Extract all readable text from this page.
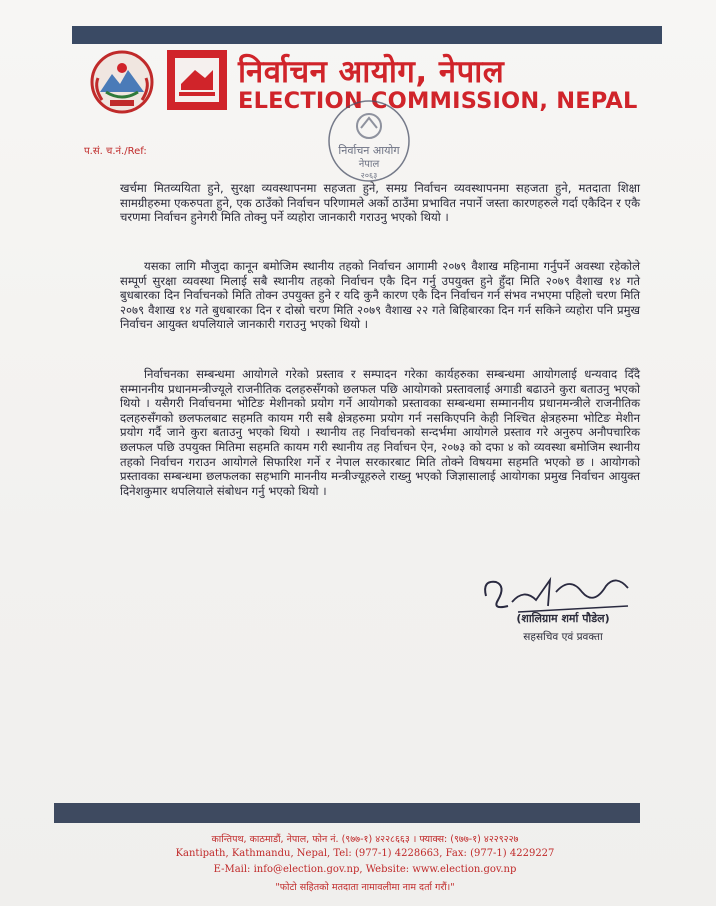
निर्वाचन आयोग, नेपाल
ELECTION COMMISSION, NEPAL
प.सं. च.नं./Ref:	निर्वाचन आयोग
नेपाल
२०६३
खर्चमा मितव्ययिता हुने, सुरक्षा व्यवस्थापनमा सहजता हुने, समग्र निर्वाचन व्यवस्थापनमा सहजता हुने, मतदाता शिक्षा सामग्रीहरुमा एकरुपता हुने, एक ठाउँको निर्वाचन परिणामले अर्को ठाउँमा प्रभावित नपार्ने जस्ता कारणहरुले गर्दा एकैदिन र एकै चरणमा निर्वाचन हुनेगरी मिति तोक्नु पर्ने व्यहोरा जानकारी गराउनु भएको थियो ।
यसका लागि मौजुदा कानून बमोजिम स्थानीय तहको निर्वाचन आगामी २०७९ वैशाख महिनामा गर्नुपर्ने अवस्था रहेकोले सम्पूर्ण सुरक्षा व्यवस्था मिलाई सबै स्थानीय तहको निर्वाचन एकै दिन गर्नु उपयुक्त हुने हुँदा मिति २०७९ वैशाख १४ गते बुधबारका दिन निर्वाचनको मिति तोक्न उपयुक्त हुने र यदि कुनै कारण एकै दिन निर्वाचन गर्न संभव नभएमा पहिलो चरण मिति २०७९ वैशाख १४ गते बुधबारका दिन र दोस्रो चरण मिति २०७९ वैशाख २२ गते बिहिबारका दिन गर्न सकिने व्यहोरा पनि प्रमुख निर्वाचन आयुक्त थपलियाले जानकारी गराउनु भएको थियो ।
निर्वाचनका सम्बन्धमा आयोगले गरेको प्रस्ताव र सम्पादन गरेका कार्यहरुका सम्बन्धमा आयोगलाई धन्यवाद दिँदै सम्माननीय प्रधानमन्त्रीज्यूले राजनीतिक दलहरुसँगको छलफल पछि आयोगको प्रस्तावलाई अगाडी बढाउने कुरा बताउनु भएको थियो । यसैगरी निर्वाचनमा भोटिङ मेशीनको प्रयोग गर्ने आयोगको प्रस्तावका सम्बन्धमा सम्माननीय प्रधानमन्त्रीले राजनीतिक दलहरुसँगको छलफलबाट सहमति कायम गरी सबै क्षेत्रहरुमा प्रयोग गर्न नसकिएपनि केही निश्चित क्षेत्रहरुमा भोटिङ मेशीन प्रयोग गर्दै जाने कुरा बताउनु भएको थियो । स्थानीय तह निर्वाचनको सन्दर्भमा आयोगले प्रस्ताव गरे अनुरुप अनौपचारिक छलफल पछि उपयुक्त मितिमा सहमति कायम गरी स्थानीय तह निर्वाचन ऐन, २०७३ को दफा ४ को व्यवस्था बमोजिम स्थानीय तहको निर्वाचन गराउन आयोगले सिफारिश गर्ने र नेपाल सरकारबाट मिति तोक्ने विषयमा सहमति भएको छ । आयोगको प्रस्तावका सम्बन्धमा छलफलका सहभागि माननीय मन्त्रीज्यूहरुले राख्नु भएको जिज्ञासालाई आयोगका प्रमुख निर्वाचन आयुक्त दिनेशकुमार थपलियाले संबोधन गर्नु भएको थियो ।
(शालिग्राम शर्मा पौडेल)
सहसचिव एवं प्रवक्ता
कान्तिपथ, काठमाडौं, नेपाल, फोन नं. (९७७-१) ४२२८६६३ । फ्याक्स: (९७७-१) ४२२९२२७
Kantipath, Kathmandu, Nepal, Tel: (977-1) 4228663, Fax: (977-1) 4229227
E-Mail: info@election.gov.np, Website: www.election.gov.np
"फोटो सहितको मतदाता नामावलीमा नाम दर्ता गरौं।"
